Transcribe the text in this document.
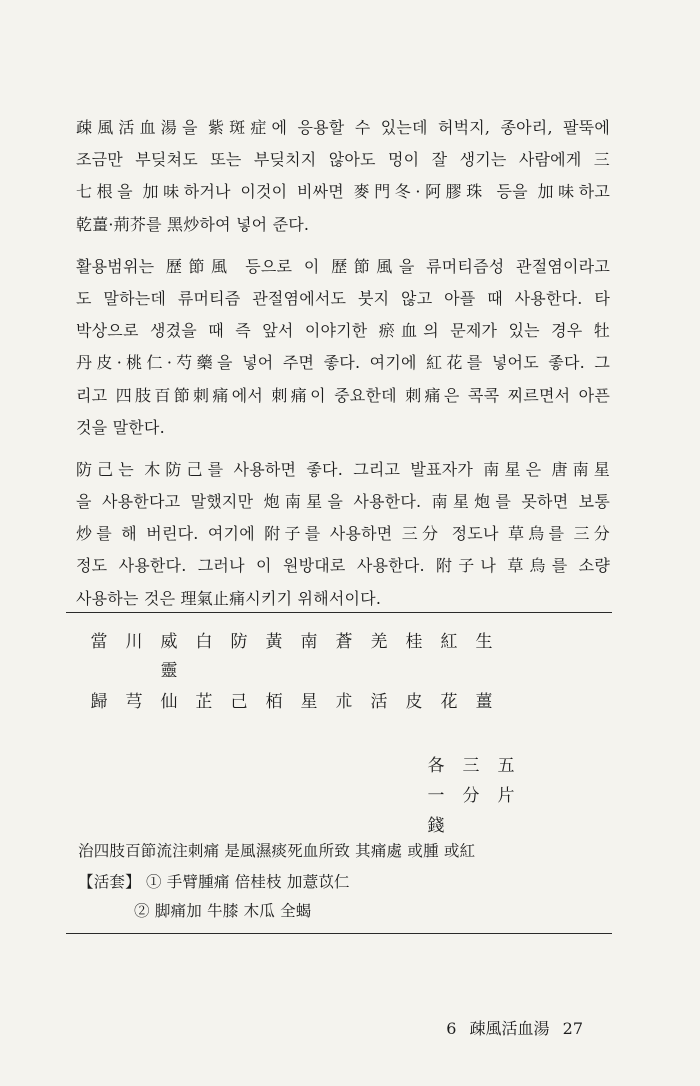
疎風活血湯을 紫斑症에 응용할 수 있는데 허벅지, 종아리, 팔뚝에
조금만 부딪쳐도 또는 부딪치지 않아도 멍이 잘 생기는 사람에게 三
七根을 加味하거나 이것이 비싸면 麥門冬·阿膠珠 등을 加味하고
乾薑·荊芥를 黑炒하여 넣어 준다.
활용범위는 歷節風 등으로 이 歷節風을 류머티즘성 관절염이라고
도 말하는데 류머티즘 관절염에서도 붓지 않고 아플 때 사용한다. 타
박상으로 생겼을 때 즉 앞서 이야기한 瘀血의 문제가 있는 경우 牡
丹皮·桃仁·芍藥을 넣어 주면 좋다. 여기에 紅花를 넣어도 좋다. 그
리고 四肢百節刺痛에서 刺痛이 중요한데 刺痛은 콕콕 찌르면서 아픈
것을 말한다.
防己는 木防己를 사용하면 좋다. 그리고 발표자가 南星은 唐南星
을 사용한다고 말했지만 炮南星을 사용한다. 南星炮를 못하면 보통
炒를 해 버린다. 여기에 附子를 사용하면 三分 정도나 草烏를 三分
정도 사용한다. 그러나 이 원방대로 사용한다. 附子나 草烏를 소량
사용하는 것은 理氣止痛시키기 위해서이다.
當 川 威 白 防 黃 南 蒼 羌 桂 紅 生
靈
歸 芎 仙 芷 己 栢 星 朮 活 皮 花 薑
各
一
錢
三
分
五
片
治四肢百節流注刺痛 是風濕痰死血所致 其痛處 或腫 或紅
【活套】 ① 手臂腫痛 倍桂枝 加薏苡仁
② 脚痛加 牛膝 木瓜 全蝎
6 疎風活血湯 27
